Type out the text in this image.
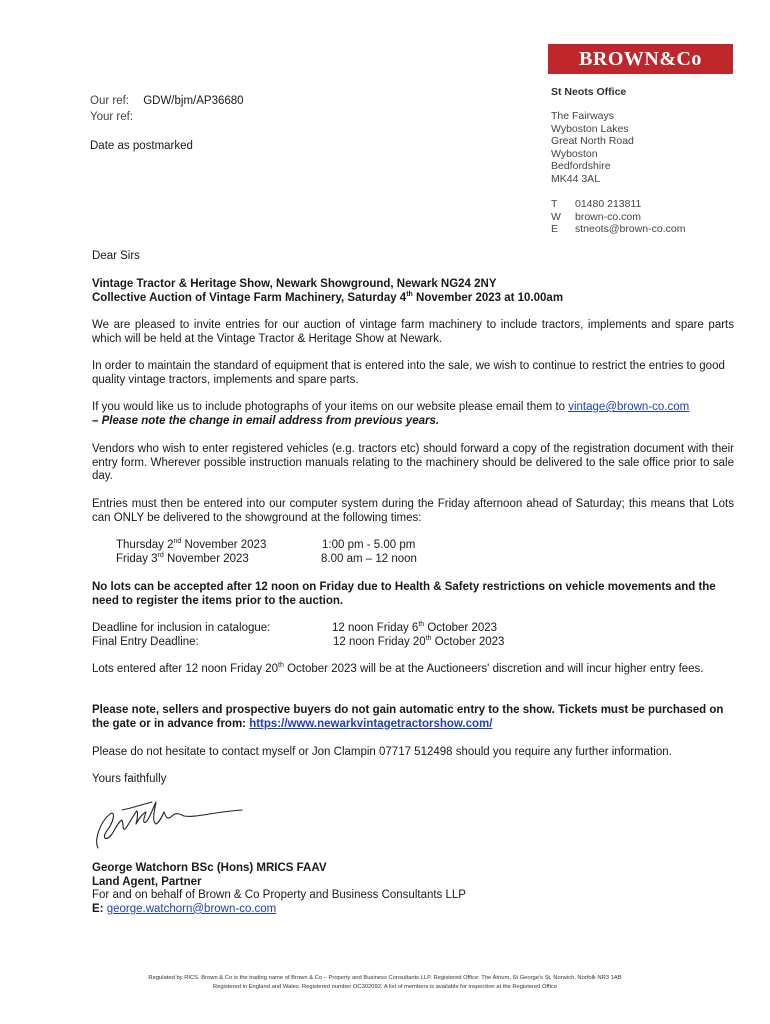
BROWN&Co
Our ref: GDW/bjm/AP36680
Your ref:
Date as postmarked
St Neots Office
The Fairways
Wyboston Lakes
Great North Road
Wyboston
Bedfordshire
MK44 3AL
T 01480 213811
W brown-co.com
E stneots@brown-co.com
Dear Sirs
Vintage Tractor & Heritage Show, Newark Showground, Newark NG24 2NY
Collective Auction of Vintage Farm Machinery, Saturday 4th November 2023 at 10.00am
We are pleased to invite entries for our auction of vintage farm machinery to include tractors, implements and spare parts which will be held at the Vintage Tractor & Heritage Show at Newark.
In order to maintain the standard of equipment that is entered into the sale, we wish to continue to restrict the entries to good quality vintage tractors, implements and spare parts.
If you would like us to include photographs of your items on our website please email them to vintage@brown-co.com
– Please note the change in email address from previous years.
Vendors who wish to enter registered vehicles (e.g. tractors etc) should forward a copy of the registration document with their entry form. Wherever possible instruction manuals relating to the machinery should be delivered to the sale office prior to sale day.
Entries must then be entered into our computer system during the Friday afternoon ahead of Saturday; this means that Lots can ONLY be delivered to the showground at the following times:
Thursday 2nd November 2023	1:00 pm - 5.00 pm
Friday 3rd November 2023	8.00 am – 12 noon
No lots can be accepted after 12 noon on Friday due to Health & Safety restrictions on vehicle movements and the need to register the items prior to the auction.
Deadline for inclusion in catalogue:	12 noon Friday 6th October 2023
Final Entry Deadline:	12 noon Friday 20th October 2023
Lots entered after 12 noon Friday 20th October 2023 will be at the Auctioneers' discretion and will incur higher entry fees.
Please note, sellers and prospective buyers do not gain automatic entry to the show. Tickets must be purchased on the gate or in advance from: https://www.newarkvintagetractorshow.com/
Please do not hesitate to contact myself or Jon Clampin 07717 512498 should you require any further information.
Yours faithfully
George Watchorn BSc (Hons) MRICS FAAV
Land Agent, Partner
For and on behalf of Brown & Co Property and Business Consultants LLP
E: george.watchorn@brown-co.com
Regulated by RICS. Brown & Co is the trading name of Brown & Co – Property and Business Consultants LLP. Registered Office: The Atrium, St George's St, Norwich, Norfolk NR3 1AB
Registered in England and Wales. Registered number OC302092. A list of members is available for inspection at the Registered Office
